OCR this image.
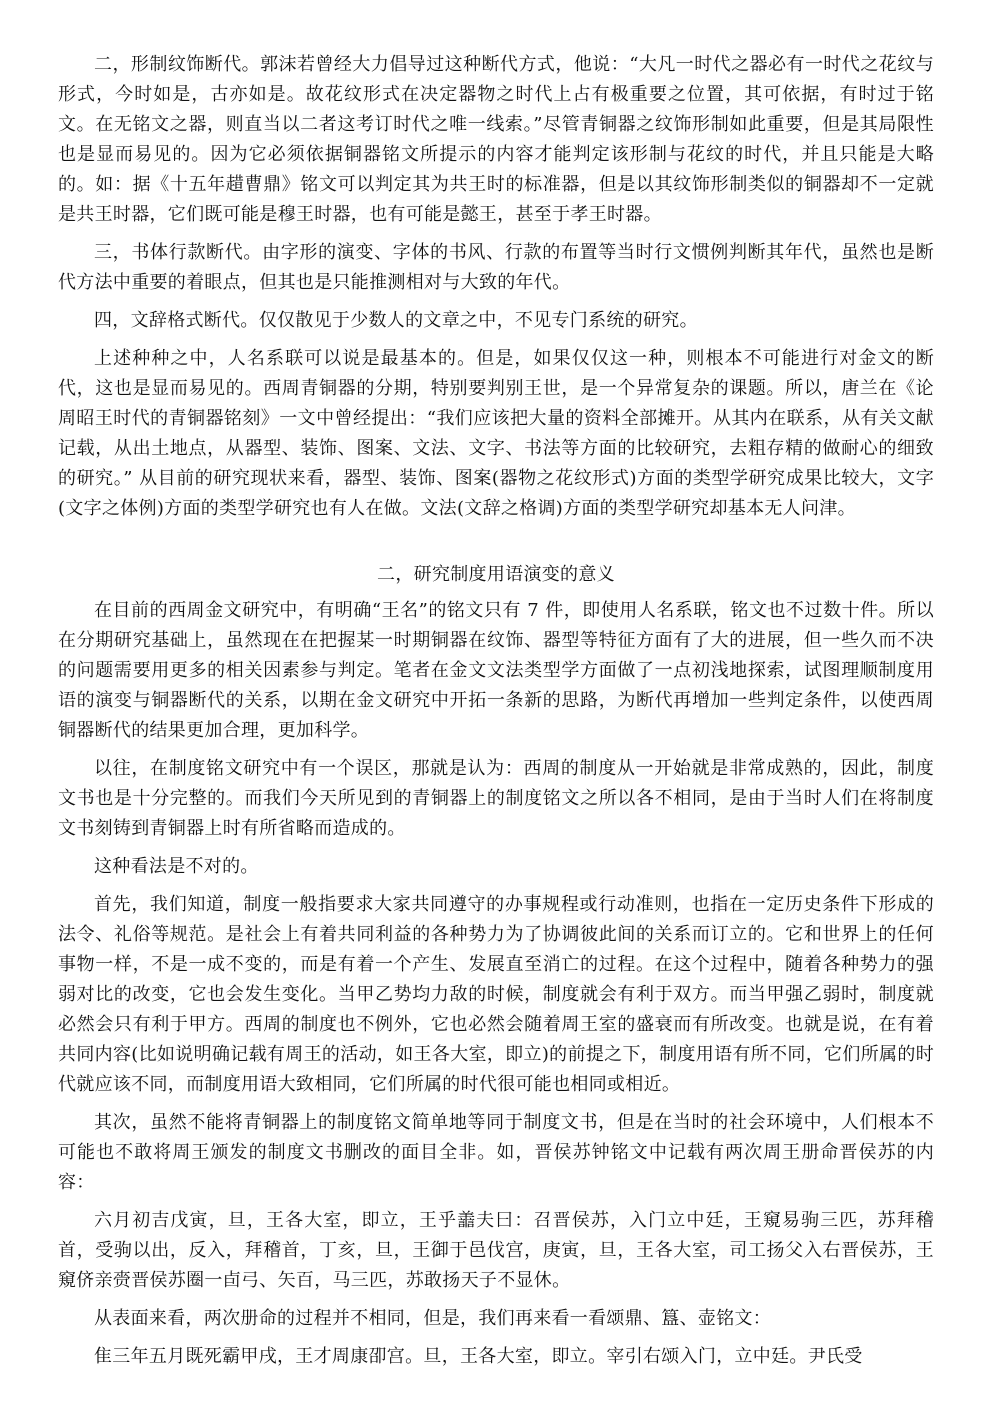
二，形制纹饰断代。郭沫若曾经大力倡导过这种断代方式，他说：“大凡一时代之器必有一时代之花纹与形式，今时如是，古亦如是。故花纹形式在决定器物之时代上占有极重要之位置，其可依据，有时过于铭文。在无铭文之器，则直当以二者这考订时代之唯一线索。”尽管青铜器之纹饰形制如此重要，但是其局限性也是显而易见的。因为它必须依据铜器铭文所提示的内容才能判定该形制与花纹的时代，并且只能是大略的。如：据《十五年趞曹鼎》铭文可以判定其为共王时的标准器，但是以其纹饰形制类似的铜器却不一定就是共王时器，它们既可能是穆王时器，也有可能是懿王，甚至于孝王时器。

三，书体行款断代。由字形的演变、字体的书风、行款的布置等当时行文惯例判断其年代，虽然也是断代方法中重要的着眼点，但其也是只能推测相对与大致的年代。

四，文辞格式断代。仅仅散见于少数人的文章之中，不见专门系统的研究。

上述种种之中，人名系联可以说是最基本的。但是，如果仅仅这一种，则根本不可能进行对金文的断代，这也是显而易见的。西周青铜器的分期，特别要判别王世，是一个异常复杂的课题。所以，唐兰在《论周昭王时代的青铜器铭刻》一文中曾经提出：“我们应该把大量的资料全部摊开。从其内在联系，从有关文献记载，从出土地点，从器型、装饰、图案、文法、文字、书法等方面的比较研究，去粗存精的做耐心的细致的研究。” 从目前的研究现状来看，器型、装饰、图案(器物之花纹形式)方面的类型学研究成果比较大，文字(文字之体例)方面的类型学研究也有人在做。文法(文辞之格调)方面的类型学研究却基本无人问津。

二，研究制度用语演变的意义

在目前的西周金文研究中，有明确“王名”的铭文只有 7 件，即使用人名系联，铭文也不过数十件。所以在分期研究基础上，虽然现在在把握某一时期铜器在纹饰、器型等特征方面有了大的进展，但一些久而不决的问题需要用更多的相关因素参与判定。笔者在金文文法类型学方面做了一点初浅地探索，试图理顺制度用语的演变与铜器断代的关系，以期在金文研究中开拓一条新的思路，为断代再增加一些判定条件，以使西周铜器断代的结果更加合理，更加科学。

以往，在制度铭文研究中有一个误区，那就是认为：西周的制度从一开始就是非常成熟的，因此，制度文书也是十分完整的。而我们今天所见到的青铜器上的制度铭文之所以各不相同，是由于当时人们在将制度文书刻铸到青铜器上时有所省略而造成的。

这种看法是不对的。

首先，我们知道，制度一般指要求大家共同遵守的办事规程或行动准则，也指在一定历史条件下形成的法令、礼俗等规范。是社会上有着共同利益的各种势力为了协调彼此间的关系而订立的。它和世界上的任何事物一样，不是一成不变的，而是有着一个产生、发展直至消亡的过程。在这个过程中，随着各种势力的强弱对比的改变，它也会发生变化。当甲乙势均力敌的时候，制度就会有利于双方。而当甲强乙弱时，制度就必然会只有利于甲方。西周的制度也不例外，它也必然会随着周王室的盛衰而有所改变。也就是说，在有着共同内容(比如说明确记载有周王的活动，如王各大室，即立)的前提之下，制度用语有所不同，它们所属的时代就应该不同，而制度用语大致相同，它们所属的时代很可能也相同或相近。

其次，虽然不能将青铜器上的制度铭文简单地等同于制度文书，但是在当时的社会环境中，人们根本不可能也不敢将周王颁发的制度文书删改的面目全非。如，晋侯苏钟铭文中记载有两次周王册命晋侯苏的内容：

六月初吉戊寅，旦，王各大室，即立，王乎譱夫曰：召晋侯苏，入门立中廷，王窺易驹三匹，苏拜稽首，受驹以出，反入，拜稽首，丁亥，旦，王御于邑伐宫，庚寅，旦，王各大室，司工扬父入右晋侯苏，王窺侪亲赍晋侯苏圈一卣弓、矢百，马三匹，苏敢扬天子不显休。

从表面来看，两次册命的过程并不相同，但是，我们再来看一看颂鼎、簋、壶铭文：

隹三年五月既死霸甲戌，王才周康卲宫。旦，王各大室，即立。宰引右颂入门，立中廷。尹氏受
